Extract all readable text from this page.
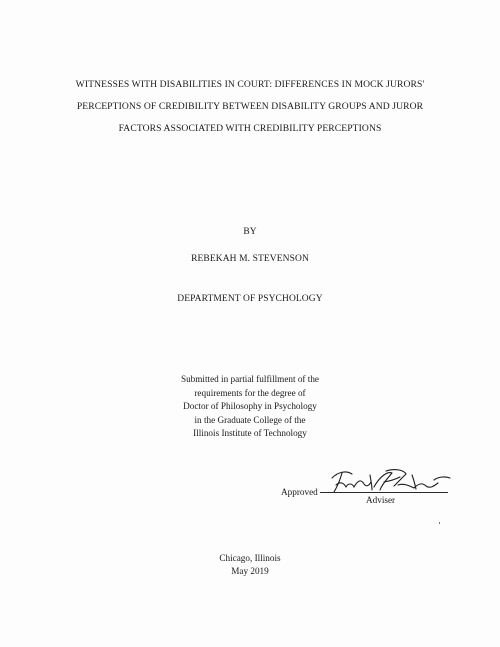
WITNESSES WITH DISABILITIES IN COURT: DIFFERENCES IN MOCK JURORS'
PERCEPTIONS OF CREDIBILITY BETWEEN DISABILITY GROUPS AND JUROR
FACTORS ASSOCIATED WITH CREDIBILITY PERCEPTIONS
BY
REBEKAH M. STEVENSON
DEPARTMENT OF PSYCHOLOGY
Submitted in partial fulfillment of the
requirements for the degree of
Doctor of Philosophy in Psychology
in the Graduate College of the
Illinois Institute of Technology
Approved
Adviser
Chicago, Illinois
May 2019
